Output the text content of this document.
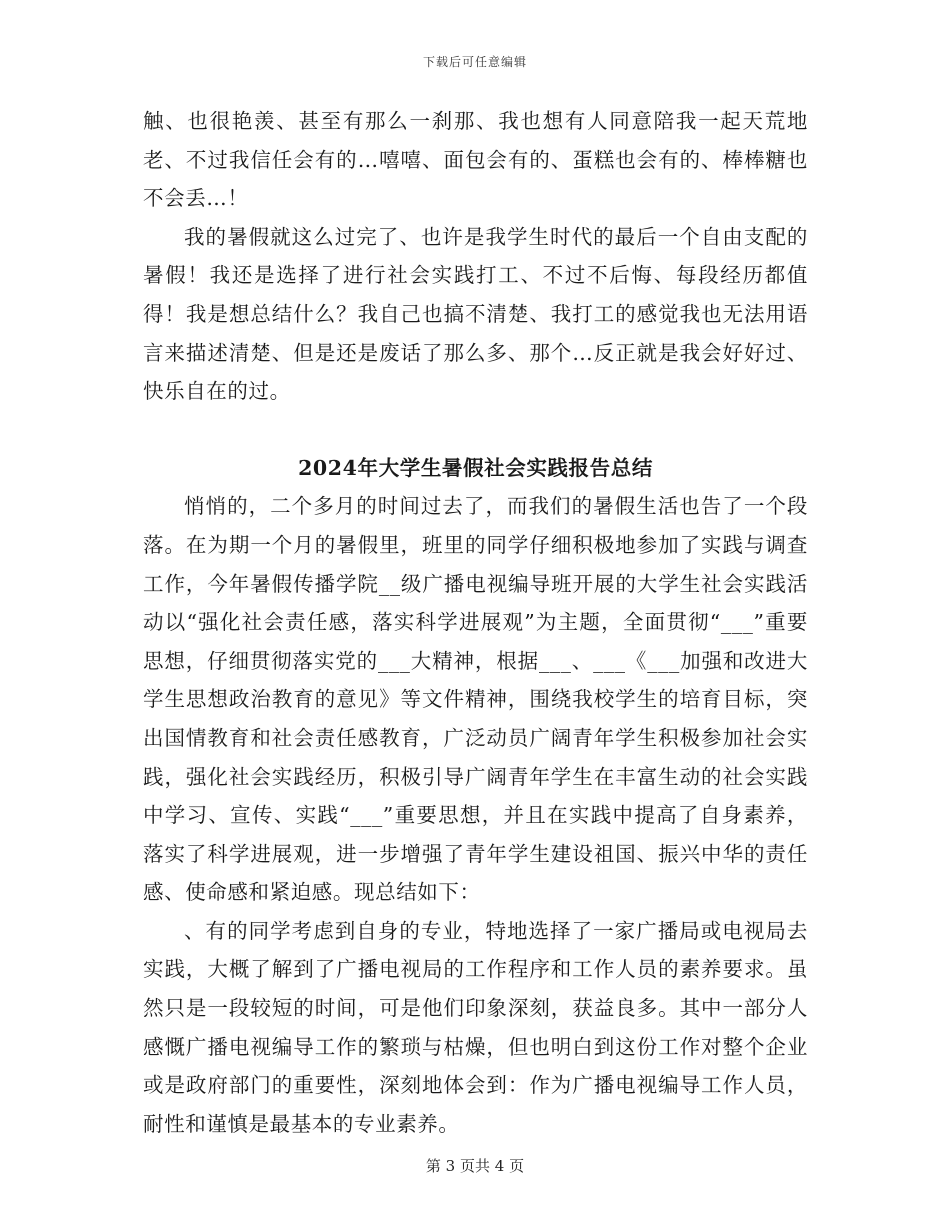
下载后可任意编辑

触、也很艳羡、甚至有那么一刹那、我也想有人同意陪我一起天荒地老、不过我信任会有的…嘻嘻、面包会有的、蛋糕也会有的、棒棒糖也不会丢…！

我的暑假就这么过完了、也许是我学生时代的最后一个自由支配的暑假！我还是选择了进行社会实践打工、不过不后悔、每段经历都值得！我是想总结什么？我自己也搞不清楚、我打工的感觉我也无法用语言来描述清楚、但是还是废话了那么多、那个…反正就是我会好好过、快乐自在的过。

2024年大学生暑假社会实践报告总结

悄悄的，二个多月的时间过去了，而我们的暑假生活也告了一个段落。在为期一个月的暑假里，班里的同学仔细积极地参加了实践与调查工作，今年暑假传播学院__级广播电视编导班开展的大学生社会实践活动以“强化社会责任感，落实科学进展观”为主题，全面贯彻“___”重要思想，仔细贯彻落实党的___大精神，根据___、___《___加强和改进大学生思想政治教育的意见》等文件精神，围绕我校学生的培育目标，突出国情教育和社会责任感教育，广泛动员广阔青年学生积极参加社会实践，强化社会实践经历，积极引导广阔青年学生在丰富生动的社会实践中学习、宣传、实践“___”重要思想，并且在实践中提高了自身素养，落实了科学进展观，进一步增强了青年学生建设祖国、振兴中华的责任感、使命感和紧迫感。现总结如下：

、有的同学考虑到自身的专业，特地选择了一家广播局或电视局去实践，大概了解到了广播电视局的工作程序和工作人员的素养要求。虽然只是一段较短的时间，可是他们印象深刻，获益良多。其中一部分人感慨广播电视编导工作的繁琐与枯燥，但也明白到这份工作对整个企业或是政府部门的重要性，深刻地体会到：作为广播电视编导工作人员，耐性和谨慎是最基本的专业素养。

第 3 页共 4 页
